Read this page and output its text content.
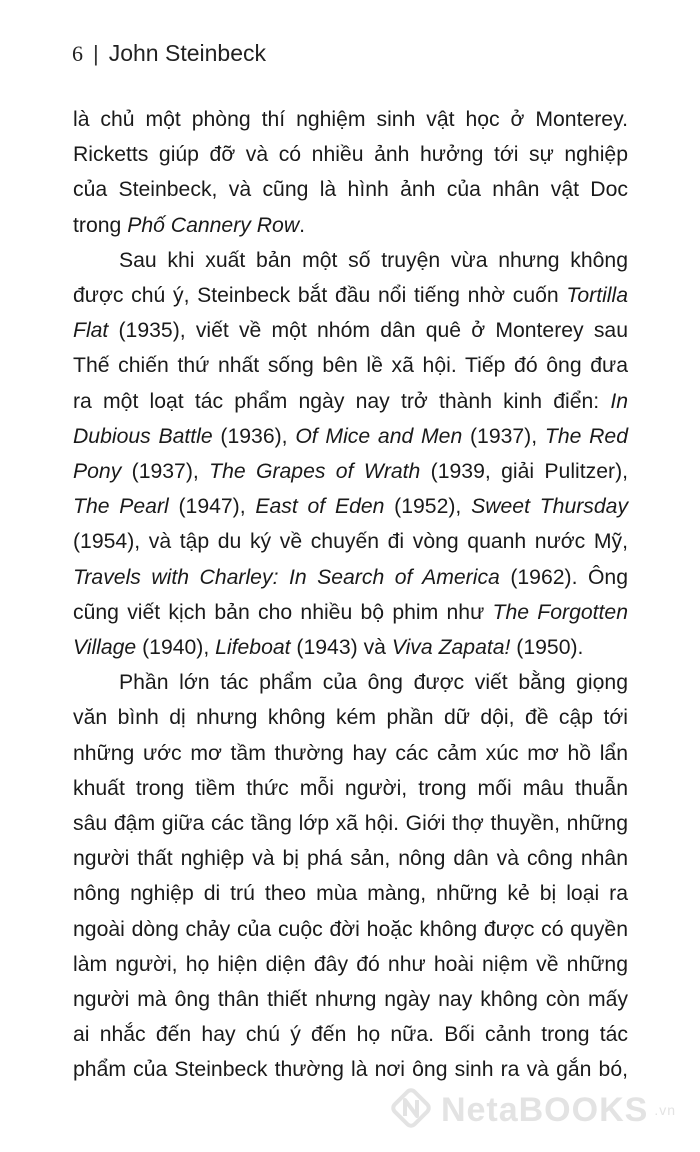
6 | John Steinbeck
là chủ một phòng thí nghiệm sinh vật học ở Monterey.
Ricketts giúp đỡ và có nhiều ảnh hưởng tới sự nghiệp
của Steinbeck, và cũng là hình ảnh của nhân vật Doc
trong Phố Cannery Row.
Sau khi xuất bản một số truyện vừa nhưng không
được chú ý, Steinbeck bắt đầu nổi tiếng nhờ cuốn Tortilla
Flat (1935), viết về một nhóm dân quê ở Monterey sau
Thế chiến thứ nhất sống bên lề xã hội. Tiếp đó ông đưa
ra một loạt tác phẩm ngày nay trở thành kinh điển: In
Dubious Battle (1936), Of Mice and Men (1937), The Red
Pony (1937), The Grapes of Wrath (1939, giải Pulitzer),
The Pearl (1947), East of Eden (1952), Sweet Thursday
(1954), và tập du ký về chuyến đi vòng quanh nước Mỹ,
Travels with Charley: In Search of America (1962). Ông
cũng viết kịch bản cho nhiều bộ phim như The Forgotten
Village (1940), Lifeboat (1943) và Viva Zapata! (1950).
Phần lớn tác phẩm của ông được viết bằng giọng
văn bình dị nhưng không kém phần dữ dội, đề cập tới
những ước mơ tầm thường hay các cảm xúc mơ hồ lẩn
khuất trong tiềm thức mỗi người, trong mối mâu thuẫn
sâu đậm giữa các tầng lớp xã hội. Giới thợ thuyền, những
người thất nghiệp và bị phá sản, nông dân và công nhân
nông nghiệp di trú theo mùa màng, những kẻ bị loại ra
ngoài dòng chảy của cuộc đời hoặc không được có quyền
làm người, họ hiện diện đây đó như hoài niệm về những
người mà ông thân thiết nhưng ngày nay không còn mấy
ai nhắc đến hay chú ý đến họ nữa. Bối cảnh trong tác
phẩm của Steinbeck thường là nơi ông sinh ra và gắn bó,
NetaBOOKS .vn
